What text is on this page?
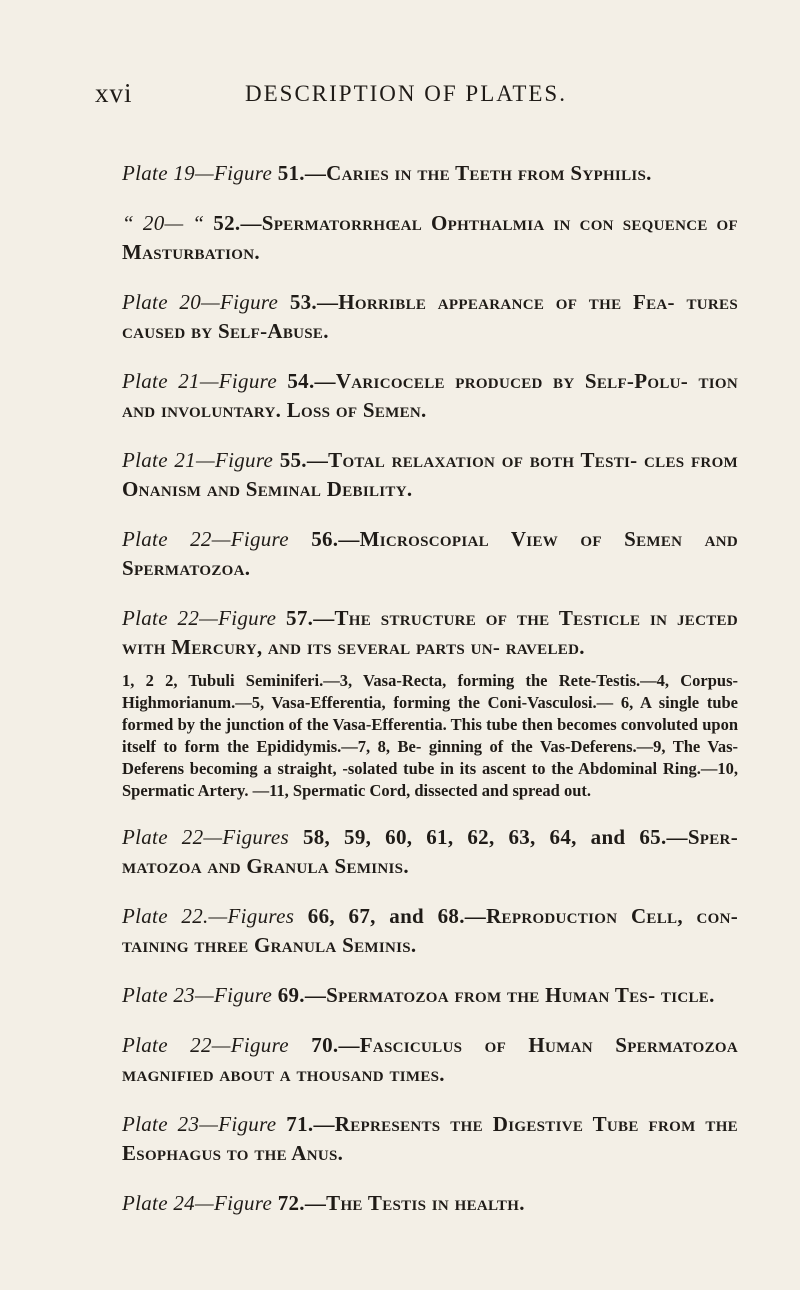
xvi	DESCRIPTION OF PLATES.

Plate 19—Figure 51.—Caries in the Teeth from Syphilis.

“ 20— “ 52.—Spermatorrhœal Ophthalmia in con sequence of Masturbation.

Plate 20—Figure 53.—Horrible appearance of the Fea- tures caused by Self-Abuse.

Plate 21—Figure 54.—Varicocele produced by Self-Polu- tion and involuntary. Loss of Semen.

Plate 21—Figure 55.—Total relaxation of both Testi- cles from Onanism and Seminal Debility.

Plate 22—Figure 56.—Microscopial View of Semen and Spermatozoa.

Plate 22—Figure 57.—The structure of the Testicle in jected with Mercury, and its several parts un- raveled.

1, 2 2, Tubuli Seminiferi.—3, Vasa-Recta, forming the Rete-Testis.—4, Corpus-Highmorianum.—5, Vasa-Efferentia, forming the Coni-Vasculosi.— 6, A single tube formed by the junction of the Vasa-Efferentia. This tube then becomes convoluted upon itself to form the Epididymis.—7, 8, Be- ginning of the Vas-Deferens.—9, The Vas-Deferens becoming a straight, -solated tube in its ascent to the Abdominal Ring.—10, Spermatic Artery. —11, Spermatic Cord, dissected and spread out.

Plate 22—Figures 58, 59, 60, 61, 62, 63, 64, and 65.—Sper- matozoa and Granula Seminis.

Plate 22.—Figures 66, 67, and 68.—Reproduction Cell, con- taining three Granula Seminis.

Plate 23—Figure 69.—Spermatozoa from the Human Tes- ticle.

Plate 22—Figure 70.—Fasciculus of Human Spermatozoa magnified about a thousand times.

Plate 23—Figure 71.—Represents the Digestive Tube from the Esophagus to the Anus.

Plate 24—Figure 72.—The Testis in health.
